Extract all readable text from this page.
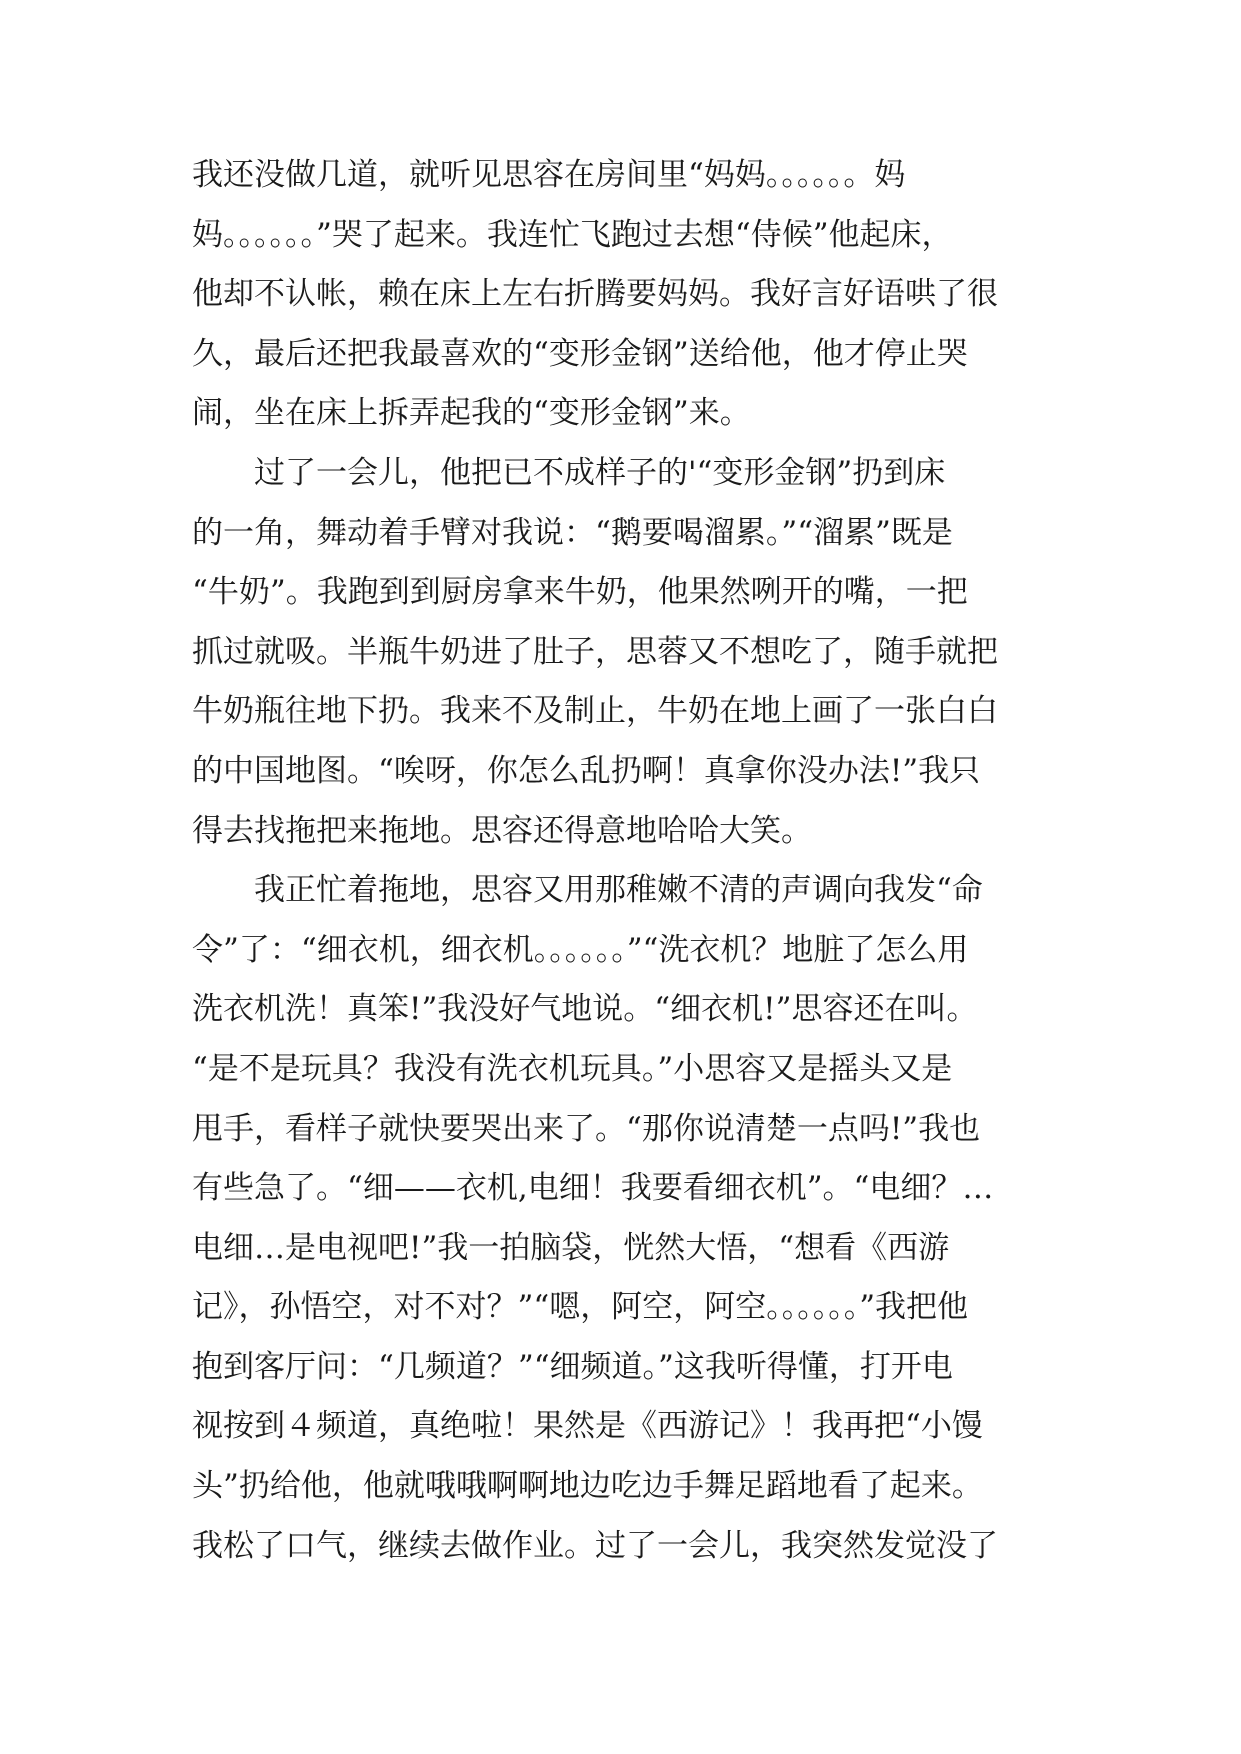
我还没做几道，就听见思容在房间里“妈妈。。。。。。妈
妈。。。。。。”哭了起来。我连忙飞跑过去想“侍候”他起床，
他却不认帐，赖在床上左右折腾要妈妈。我好言好语哄了很
久，最后还把我最喜欢的“变形金钢”送给他，他才停止哭
闹，坐在床上拆弄起我的“变形金钢”来。
　　过了一会儿，他把已不成样子的'“变形金钢”扔到床
的一角，舞动着手臂对我说：“鹅要喝溜累。”“溜累”既是
“牛奶”。我跑到到厨房拿来牛奶，他果然咧开的嘴，一把
抓过就吸。半瓶牛奶进了肚子，思蓉又不想吃了，随手就把
牛奶瓶往地下扔。我来不及制止，牛奶在地上画了一张白白
的中国地图。“唉呀，你怎么乱扔啊！真拿你没办法!”我只
得去找拖把来拖地。思容还得意地哈哈大笑。
　　我正忙着拖地，思容又用那稚嫩不清的声调向我发“命
令”了：“细衣机，细衣机。。。。。。”“洗衣机？地脏了怎么用
洗衣机洗！真笨!”我没好气地说。“细衣机!”思容还在叫。
“是不是玩具？我没有洗衣机玩具。”小思容又是摇头又是
甩手，看样子就快要哭出来了。“那你说清楚一点吗!”我也
有些急了。“细——衣机,电细！我要看细衣机”。“电细？…
电细…是电视吧!”我一拍脑袋，恍然大悟，“想看《西游
记》，孙悟空，对不对？”“嗯，阿空，阿空。。。。。。”我把他
抱到客厅问：“几频道？”“细频道。”这我听得懂，打开电
视按到４频道，真绝啦！果然是《西游记》！我再把“小馒
头”扔给他，他就哦哦啊啊地边吃边手舞足蹈地看了起来。
我松了口气，继续去做作业。过了一会儿，我突然发觉没了
